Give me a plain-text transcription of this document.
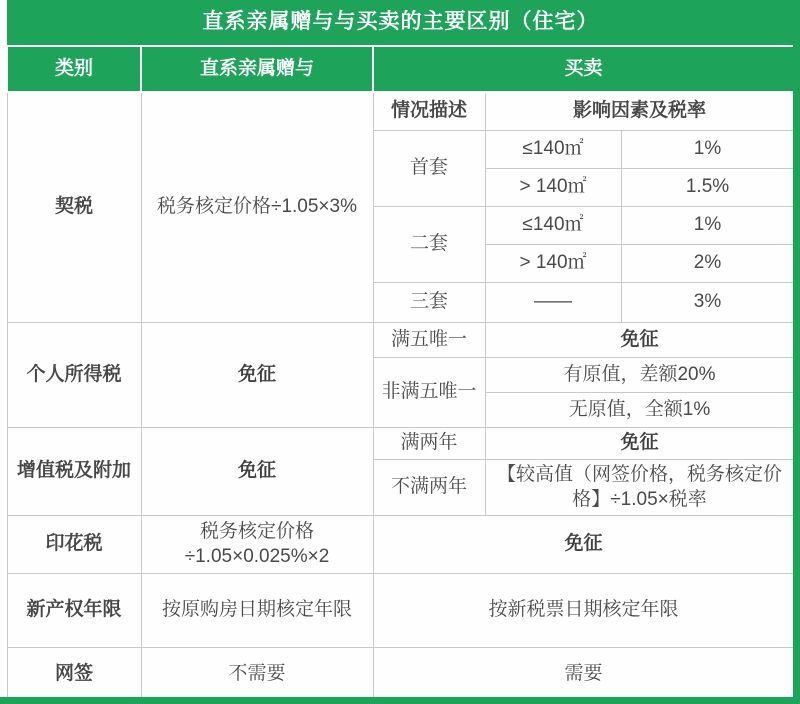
直系亲属赠与与买卖的主要区别（住宅）				
类别	直系亲属赠与	买卖		
契税	税务核定价格÷1.05×3%	情况描述	影响因素及税率	
		首套	≤140㎡	1%
			> 140㎡	1.5%
		二套	≤140㎡	1%
			> 140㎡	2%
		三套	——	3%
个人所得税	免征	满五唯一	免征	
		非满五唯一	有原值，差额20%	
			无原值，全额1%	
增值税及附加	免征	满两年	免征	
		不满两年	【较高值（网签价格，税务核定价格】÷1.05×税率	
印花税	税务核定价格÷1.05×0.025%×2	免征		
新产权年限	按原购房日期核定年限	按新税票日期核定年限		
网签	不需要	需要		
